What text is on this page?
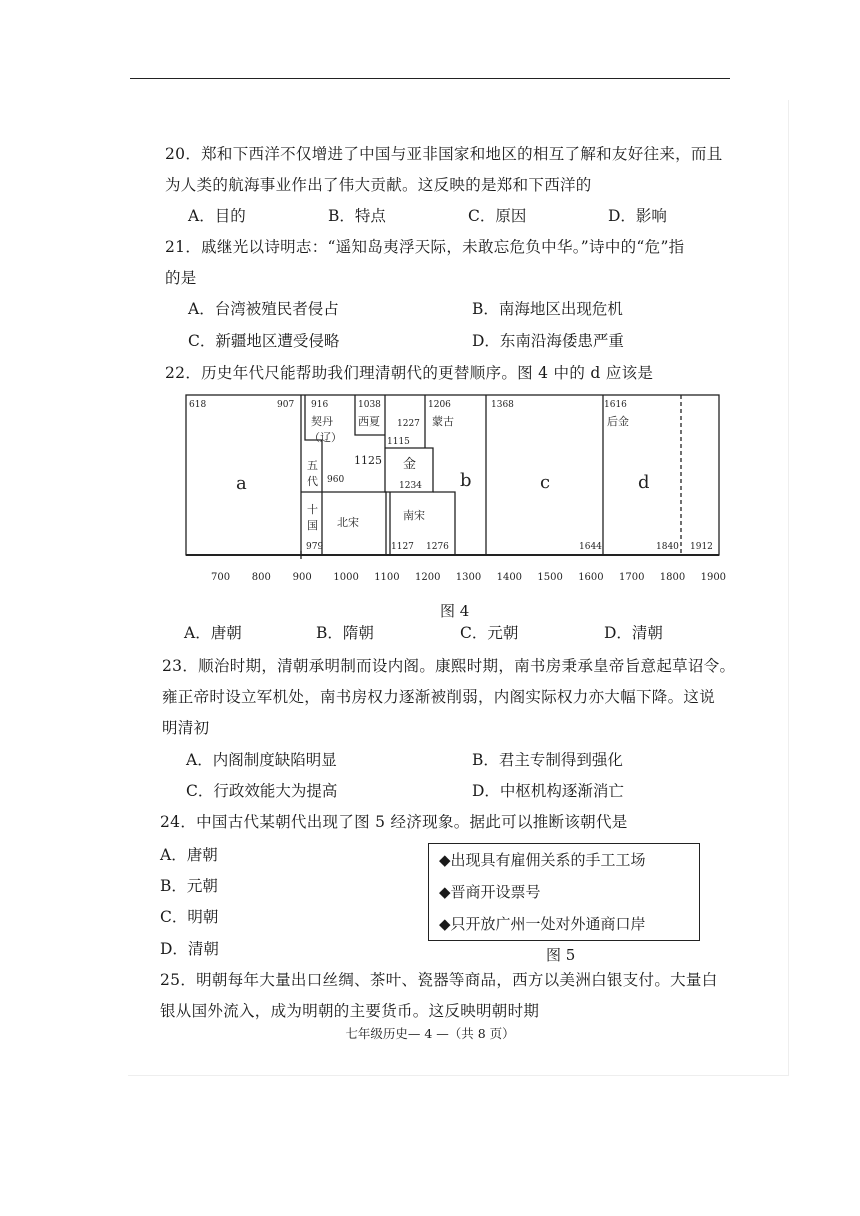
20．郑和下西洋不仅增进了中国与亚非国家和地区的相互了解和友好往来，而且
为人类的航海事业作出了伟大贡献。这反映的是郑和下西洋的
A．目的	B．特点	C．原因	D．影响
21．戚继光以诗明志：“遥知岛夷浮天际，未敢忘危负中华。”诗中的“危”指
的是
A．台湾被殖民者侵占	B．南海地区出现危机
C．新疆地区遭受侵略	D．东南沿海倭患严重
22．历史年代尺能帮助我们理清朝代的更替顺序。图 4 中的 d 应该是
618	907 916	1038	1206	1368	1616
1227
1115
960
979	1127 1276
1234
1644	1840 1912
1125
契丹
（辽）
西夏	蒙古
金
五
代
十
国 北宋
南宋
后金
a	b	c	d
700 800 900 1000 1100 1200 1300 1400 1500 1600 1700 1800 1900
图 4
A．唐朝	B．隋朝	C．元朝	D．清朝
23．顺治时期，清朝承明制而设内阁。康熙时期，南书房秉承皇帝旨意起草诏令。
雍正帝时设立军机处，南书房权力逐渐被削弱，内阁实际权力亦大幅下降。这说
明清初
A．内阁制度缺陷明显	B．君主专制得到强化
C．行政效能大为提高	D．中枢机构逐渐消亡
24．中国古代某朝代出现了图 5 经济现象。据此可以推断该朝代是
A．唐朝
B．元朝
C．明朝
D．清朝
◆出现具有雇佣关系的手工工场
◆晋商开设票号
◆只开放广州一处对外通商口岸
图 5
25．明朝每年大量出口丝绸、茶叶、瓷器等商品，西方以美洲白银支付。大量白
银从国外流入，成为明朝的主要货币。这反映明朝时期
七年级历史— 4 —（共 8 页）
